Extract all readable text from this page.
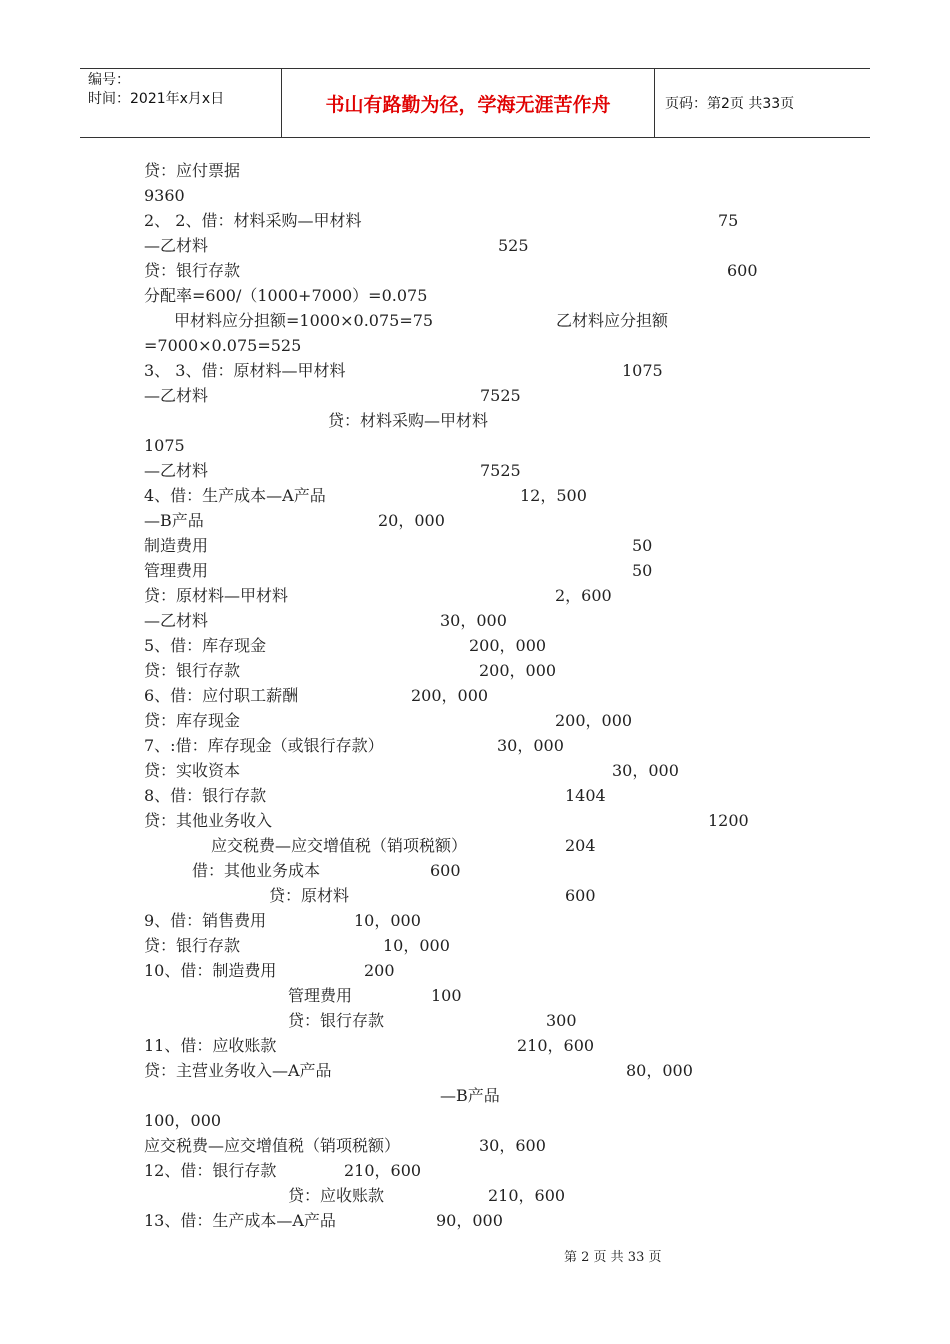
编号：
时间：2021年x月x日	书山有路勤为径，学海无涯苦作舟	页码：第2页 共33页
贷：应付票据
9360
2、 2、借：材料采购—甲材料	75
—乙材料	525
贷：银行存款	600
分配率=600/（1000+7000）=0.075
甲材料应分担额=1000×0.075=75	乙材料应分担额
=7000×0.075=525
3、 3、借：原材料—甲材料	1075
—乙材料	7525
贷：材料采购—甲材料
1075
—乙材料	7525
4、借：生产成本—A产品	12，500
—B产品	20，000
制造费用	50
管理费用	50
贷：原材料—甲材料	2，600
—乙材料	30，000
5、借：库存现金	200，000
贷：银行存款	200，000
6、借：应付职工薪酬	200，000
贷：库存现金	200，000
7、:借：库存现金（或银行存款）	30，000
贷：实收资本	30，000
8、借：银行存款	1404
贷：其他业务收入	1200
应交税费—应交增值税（销项税额）	204
借：其他业务成本	600
贷：原材料	600
9、借：销售费用	10，000
贷：银行存款	10，000
10、借：制造费用	200
管理费用	100
贷：银行存款	300
11、借：应收账款	210，600
贷：主营业务收入—A产品	80，000
—B产品
100，000
应交税费—应交增值税（销项税额）	30，600
12、借：银行存款	210，600
贷：应收账款	210，600
13、借：生产成本—A产品	90，000
第 2 页 共 33 页
